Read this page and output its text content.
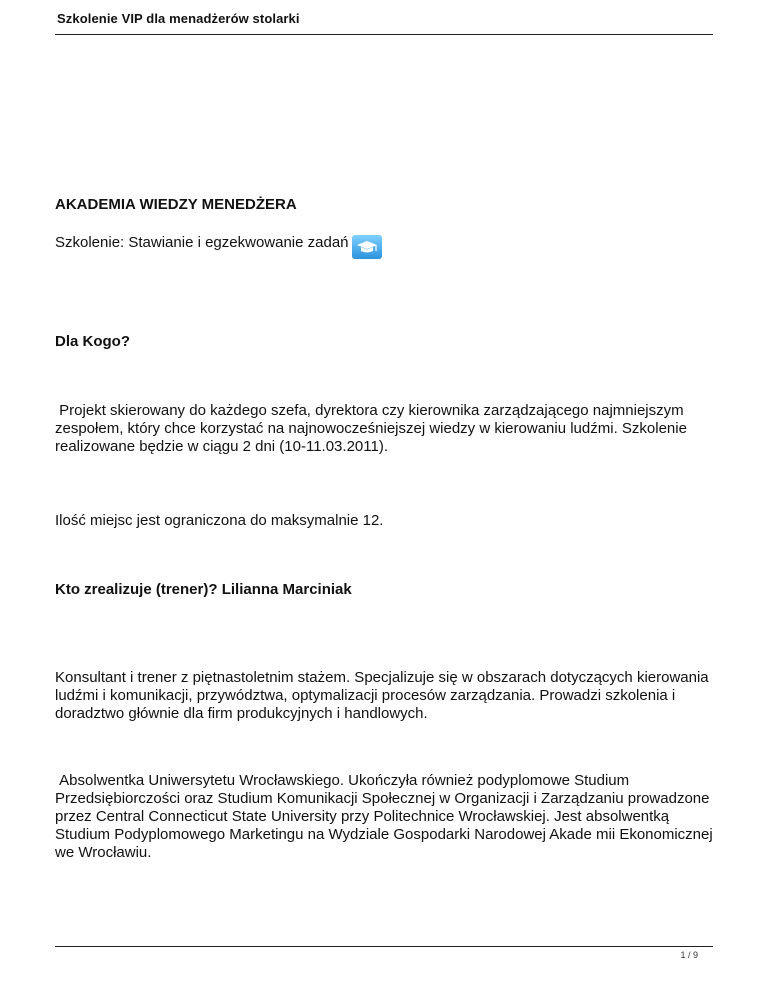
Szkolenie VIP dla menadżerów stolarki
AKADEMIA WIEDZY MENEDŻERA
Szkolenie: Stawianie i egzekwowanie zadań
Dla Kogo?
Projekt skierowany do każdego szefa, dyrektora czy kierownika zarządzającego najmniejszym zespołem, który chce korzystać na najnowocześniejszej wiedzy w kierowaniu ludźmi. Szkolenie realizowane będzie w ciągu 2 dni (10-11.03.2011).
Ilość miejsc jest ograniczona do maksymalnie 12.
Kto zrealizuje (trener)? Lilianna Marciniak
Konsultant i trener z piętnastoletnim stażem. Specjalizuje się w obszarach dotyczących kierowania ludźmi i komunikacji, przywództwa, optymalizacji procesów zarządzania. Prowadzi szkolenia i doradztwo głównie dla firm produkcyjnych i handlowych.
Absolwentka Uniwersytetu Wrocławskiego. Ukończyła również podyplomowe Studium Przedsiębiorczości oraz Studium Komunikacji Społecznej w Organizacji i Zarządzaniu prowadzone przez Central Connecticut State University przy Politechnice Wrocławskiej. Jest absolwentką Studium Podyplomowego Marketingu na Wydziale Gospodarki Narodowej Akade mii Ekonomicznej we Wrocławiu.
1 / 9
